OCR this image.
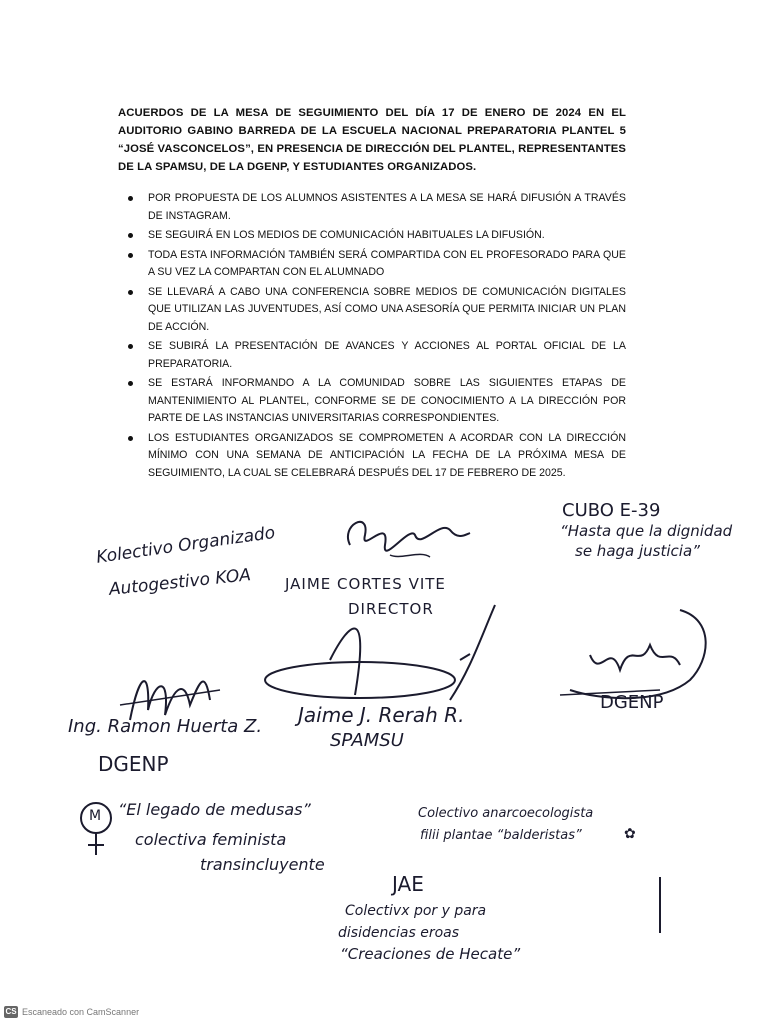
ACUERDOS DE LA MESA DE SEGUIMIENTO DEL DÍA 17 DE ENERO DE 2024 EN EL AUDITORIO GABINO BARREDA DE LA ESCUELA NACIONAL PREPARATORIA PLANTEL 5 “JOSÉ VASCONCELOS”, EN PRESENCIA DE DIRECCIÓN DEL PLANTEL, REPRESENTANTES DE LA SPAMSU, DE LA DGENP, Y ESTUDIANTES ORGANIZADOS.
POR PROPUESTA DE LOS ALUMNOS ASISTENTES A LA MESA SE HARÁ DIFUSIÓN A TRAVÉS DE INSTAGRAM.
SE SEGUIRÁ EN LOS MEDIOS DE COMUNICACIÓN HABITUALES LA DIFUSIÓN.
TODA ESTA INFORMACIÓN TAMBIÉN SERÁ COMPARTIDA CON EL PROFESORADO PARA QUE A SU VEZ LA COMPARTAN CON EL ALUMNADO
SE LLEVARÁ A CABO UNA CONFERENCIA SOBRE MEDIOS DE COMUNICACIÓN DIGITALES QUE UTILIZAN LAS JUVENTUDES, ASÍ COMO UNA ASESORÍA QUE PERMITA INICIAR UN PLAN DE ACCIÓN.
SE SUBIRÁ LA PRESENTACIÓN DE AVANCES Y ACCIONES AL PORTAL OFICIAL DE LA PREPARATORIA.
SE ESTARÁ INFORMANDO A LA COMUNIDAD SOBRE LAS SIGUIENTES ETAPAS DE MANTENIMIENTO AL PLANTEL, CONFORME SE DE CONOCIMIENTO A LA DIRECCIÓN POR PARTE DE LAS INSTANCIAS UNIVERSITARIAS CORRESPONDIENTES.
LOS ESTUDIANTES ORGANIZADOS SE COMPROMETEN A ACORDAR CON LA DIRECCIÓN MÍNIMO CON UNA SEMANA DE ANTICIPACIÓN LA FECHA DE LA PRÓXIMA MESA DE SEGUIMIENTO, LA CUAL SE CELEBRARÁ DESPUÉS DEL 17 DE FEBRERO DE 2025.
Kolectivo Organizado
Autogestivo KOA JAIME CORTES VITE
DIRECTOR
CUBO E-39
“Hasta que la dignidad
se haga justicia”
DGENP
Ing. Ramon Huerta Z.
DGENP
Jaime J. Rerah R.
SPAMSU
M “El legado de medusas”
colectiva feminista
transincluyente
Colectivo anarcoecologista
filii plantae “balderistas”	✿
JAE
Colectivx por y para
disidencias eroas
“Creaciones de Hecate”
CS Escaneado con CamScanner
